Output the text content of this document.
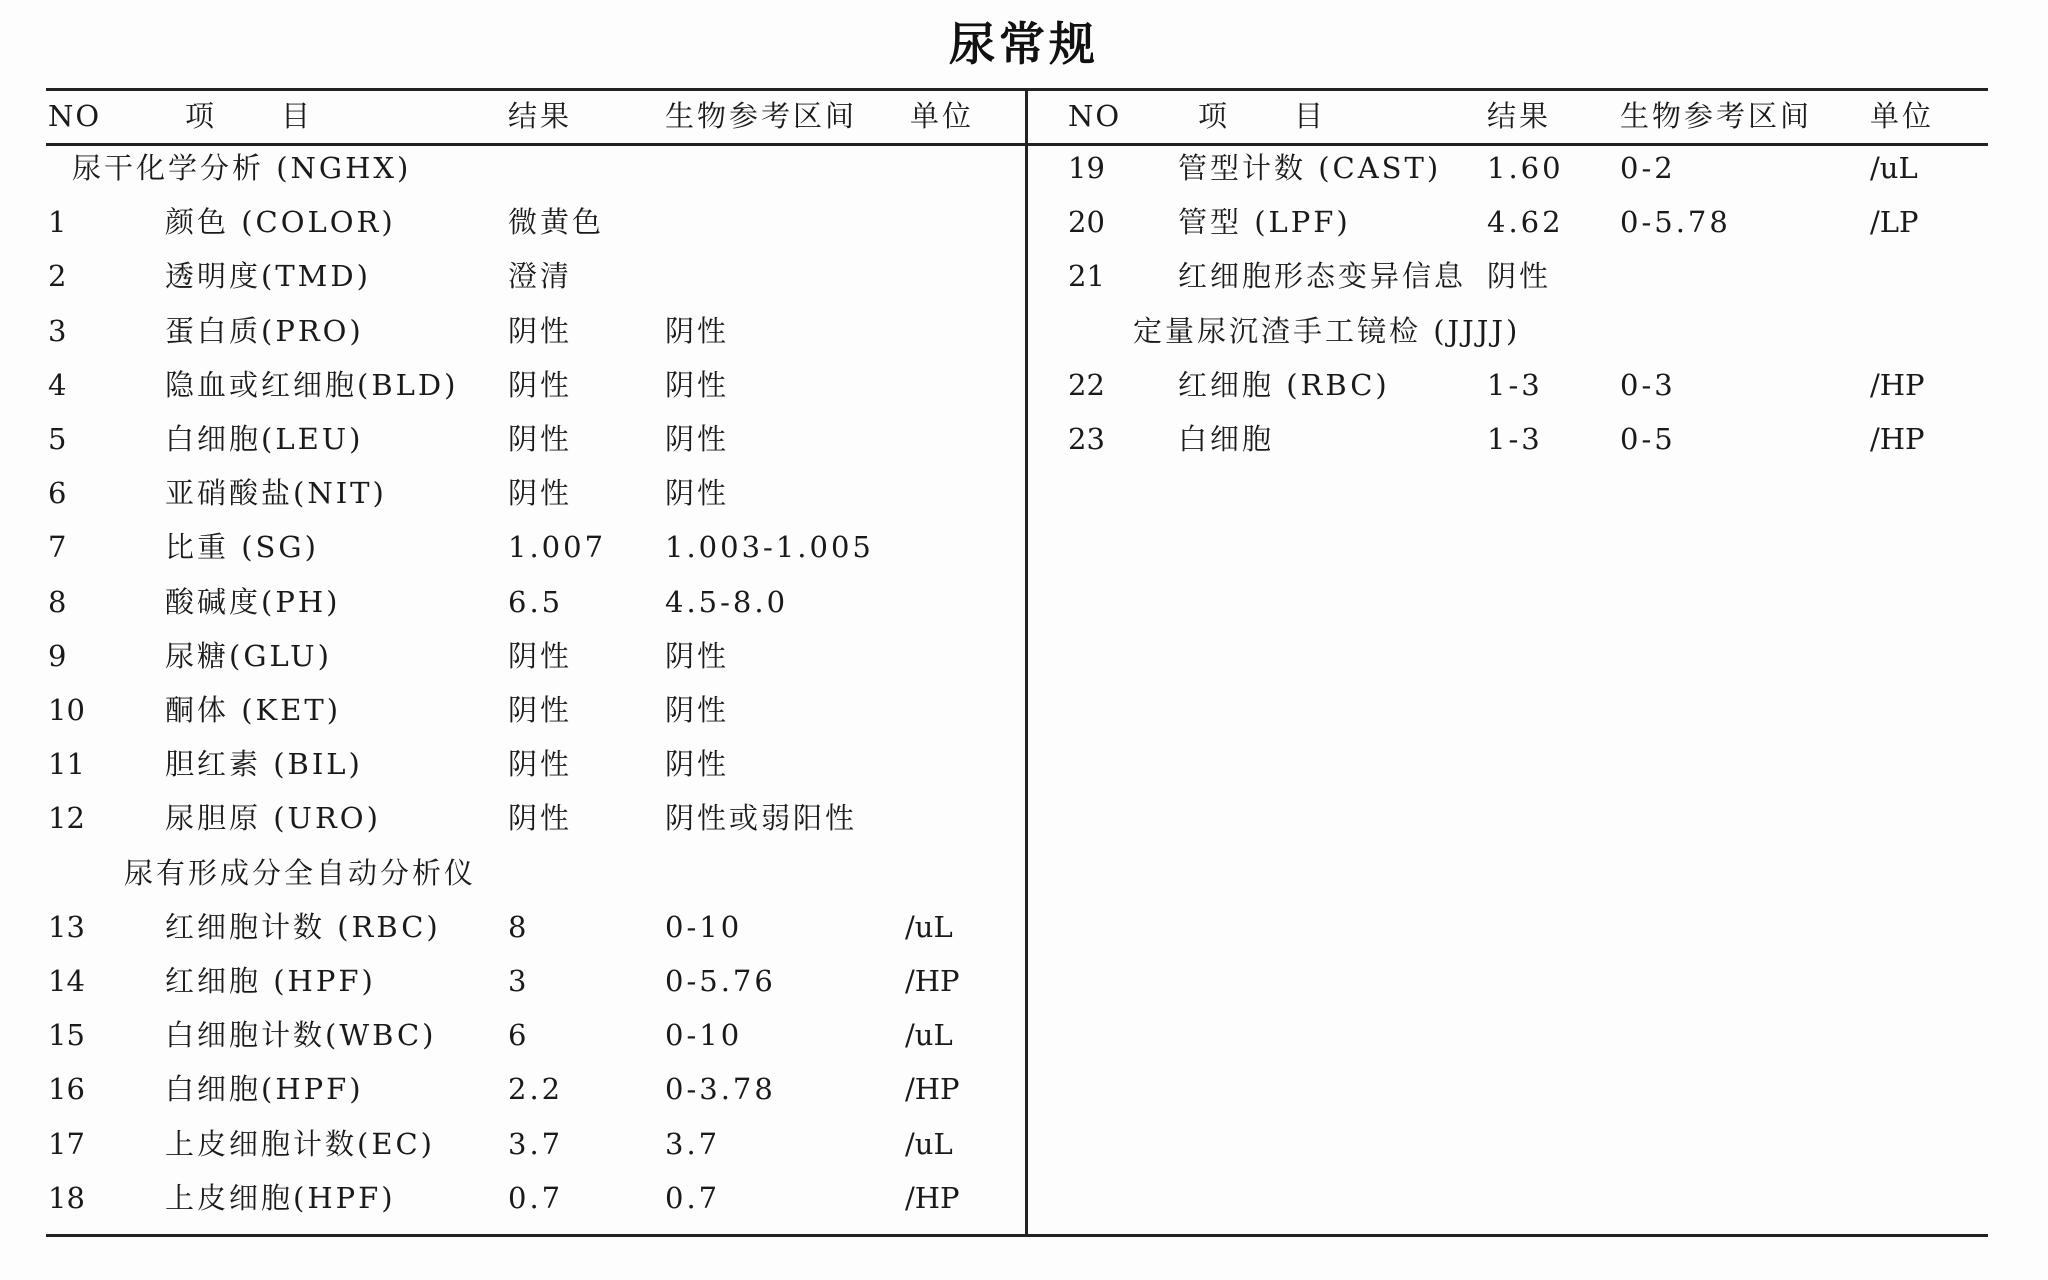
尿常规
NO	项　　目	结果	生物参考区间 单位
尿干化学分析 (NGHX)
1	颜色 (COLOR)	微黄色
2	透明度(TMD)	澄清
3	蛋白质(PRO)	阴性	阴性
4	隐血或红细胞(BLD) 阴性	阴性
5	白细胞(LEU)	阴性	阴性
6	亚硝酸盐(NIT)	阴性	阴性
7	比重 (SG)	1.007 1.003-1.005
8	酸碱度(PH)	6.5	4.5-8.0
9	尿糖(GLU)	阴性	阴性
10	酮体 (KET)	阴性	阴性
11	胆红素 (BIL)	阴性	阴性
12	尿胆原 (URO)	阴性	阴性或弱阳性
尿有形成分全自动分析仪
13	红细胞计数 (RBC) 8	0-10	/uL
14	红细胞 (HPF)	3	0-5.76	/HP
15	白细胞计数(WBC) 6	0-10	/uL
16	白细胞(HPF)	2.2	0-3.78	/HP
17	上皮细胞计数(EC)	3.7	3.7	/uL
18	上皮细胞(HPF)	0.7	0.7	/HP
NO	项　　目	结果 生物参考区间 单位
19	管型计数 (CAST) 1.60 0-2	/uL
20	管型 (LPF)	4.62 0-5.78	/LP
21	红细胞形态变异信息 阴性
定量尿沉渣手工镜检 (JJJJ)
22	红细胞 (RBC)	1-3	0-3	/HP
23	白细胞	1-3	0-5	/HP
